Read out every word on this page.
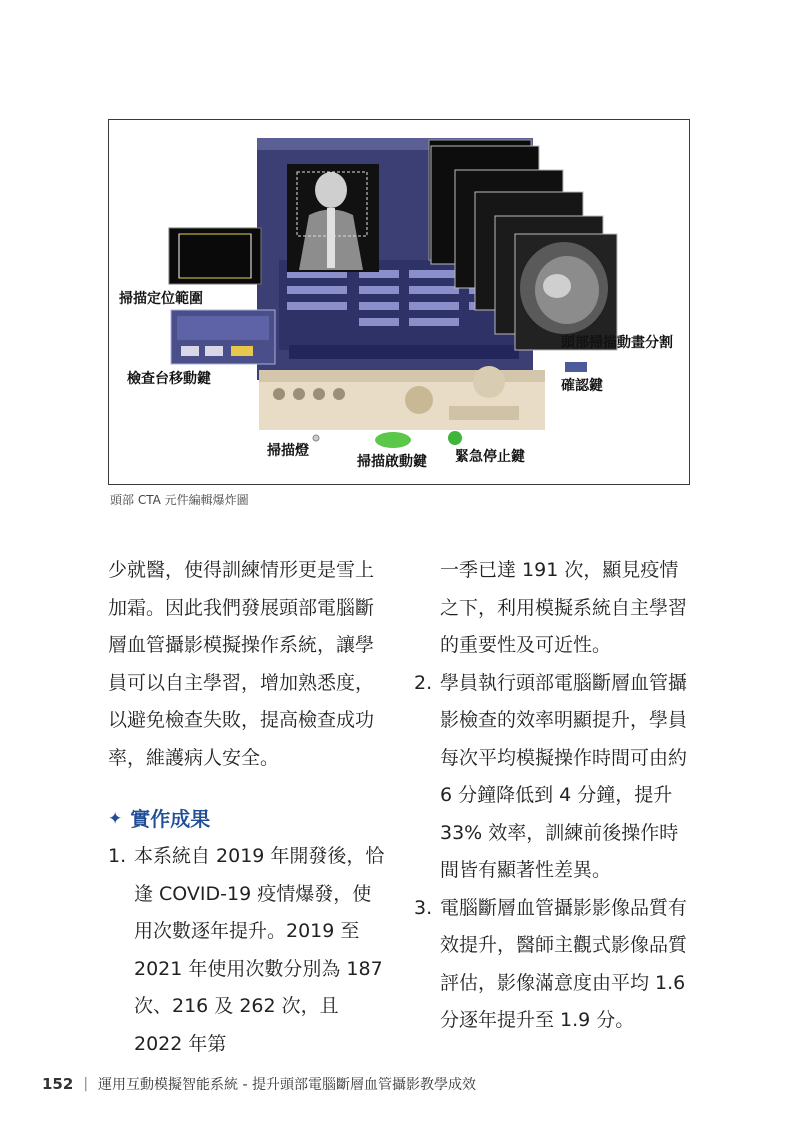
掃描定位範圍
檢查台移動鍵
掃描燈
掃描啟動鍵 緊急停止鍵
確認鍵
頭部掃描動畫分割
頭部 CTA 元件編輯爆炸圖

少就醫，使得訓練情形更是雪上加霜。因此我們發展頭部電腦斷層血管攝影模擬操作系統，讓學員可以自主學習，增加熟悉度，以避免檢查失敗，提高檢查成功率，維護病人安全。

✦ 實作成果
1. 本系統自 2019 年開發後，恰逢 COVID-19 疫情爆發，使用次數逐年提升。2019 至 2021 年使用次數分別為 187 次、216 及 262 次，且 2022 年第

一季已達 191 次，顯見疫情之下，利用模擬系統自主學習的重要性及可近性。

2. 學員執行頭部電腦斷層血管攝影檢查的效率明顯提升，學員每次平均模擬操作時間可由約 6 分鐘降低到 4 分鐘，提升 33% 效率，訓練前後操作時間皆有顯著性差異。
3. 電腦斷層血管攝影影像品質有效提升，醫師主觀式影像品質評估，影像滿意度由平均 1.6 分逐年提升至 1.9 分。
152 | 運用互動模擬智能系統 - 提升頭部電腦斷層血管攝影教學成效
